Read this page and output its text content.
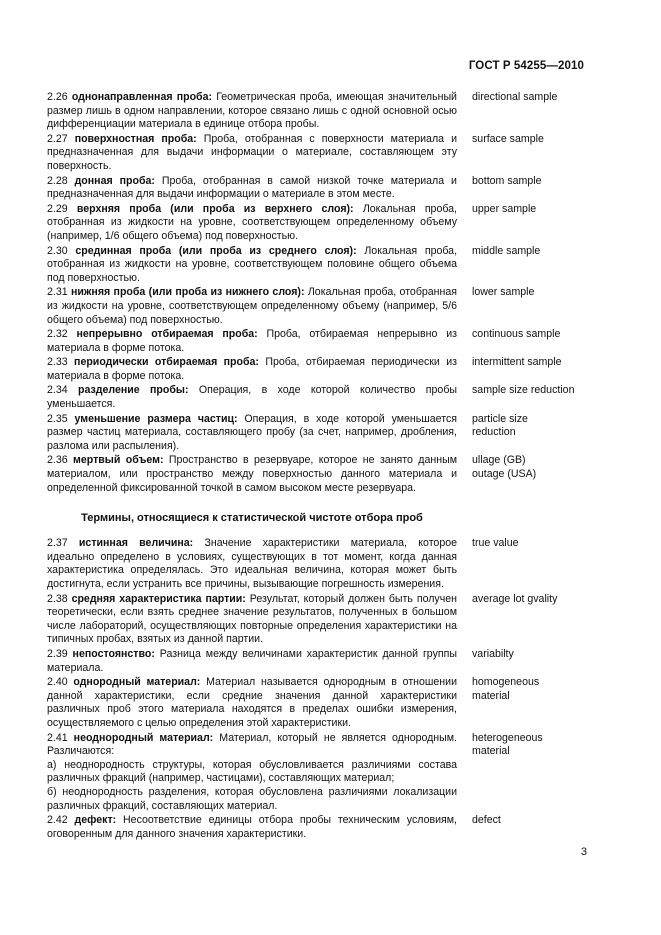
ГОСТ Р 54255—2010
2.26 однонаправленная проба: Геометрическая проба, имеющая значительный размер лишь в одном направлении, которое связано лишь с одной основной осью дифференциации материала в единице отбора пробы.
directional sample
2.27 поверхностная проба: Проба, отобранная с поверхности материала и предназначенная для выдачи информации о материале, составляющем эту поверхность.
surface sample
2.28 донная проба: Проба, отобранная в самой низкой точке материала и предназначенная для выдачи информации о материале в этом месте.
bottom sample
2.29 верхняя проба (или проба из верхнего слоя): Локальная проба, отобранная из жидкости на уровне, соответствующем определенному объему (например, 1/6 общего объема) под поверхностью.
upper sample
2.30 срединная проба (или проба из среднего слоя): Локальная проба, отобранная из жидкости на уровне, соответствующем половине общего объема под поверхностью.
middle sample
2.31 нижняя проба (или проба из нижнего слоя): Локальная проба, отобранная из жидкости на уровне, соответствующем определенному объему (например, 5/6 общего объема) под поверхностью.
lower sample
2.32 непрерывно отбираемая проба: Проба, отбираемая непрерывно из материала в форме потока.
continuous sample
2.33 периодически отбираемая проба: Проба, отбираемая периодически из материала в форме потока.
intermittent sample
2.34 разделение пробы: Операция, в ходе которой количество пробы уменьшается.
sample size reduction
2.35 уменьшение размера частиц: Операция, в ходе которой уменьшается размер частиц материала, составляющего пробу (за счет, например, дробления, разлома или распыления).
particle size
reduction
2.36 мертвый объем: Пространство в резервуаре, которое не занято данным материалом, или пространство между поверхностью данного материала и определенной фиксированной точкой в самом высоком месте резервуара.
ullage (GB)
outage (USA)
Термины, относящиеся к статистической чистоте отбора проб
2.37 истинная величина: Значение характеристики материала, которое идеально определено в условиях, существующих в тот момент, когда данная характеристика определялась. Это идеальная величина, которая может быть достигнута, если устранить все причины, вызывающие погрешность измерения.
true value
2.38 средняя характеристика партии: Результат, который должен быть получен теоретически, если взять среднее значение результатов, полученных в большом числе лабораторий, осуществляющих повторные определения характеристики на типичных пробах, взятых из данной партии.
average lot gvality
2.39 непостоянство: Разница между величинами характеристик данной группы материала.
variabilty
2.40 однородный материал: Материал называется однородным в отношении данной характеристики, если средние значения данной характеристики различных проб этого материала находятся в пределах ошибки измерения, осуществляемого с целью определения этой характеристики.
homogeneous
material
2.41 неоднородный материал: Материал, который не является однородным. Различаются:
а) неоднородность структуры, которая обусловливается различиями состава различных фракций (например, частицами), составляющих материал;
б) неоднородность разделения, которая обусловлена различиями локализации различных фракций, составляющих материал.
heterogeneous
material
2.42 дефект: Несоответствие единицы отбора пробы техническим условиям, оговоренным для данного значения характеристики.
defect
3
